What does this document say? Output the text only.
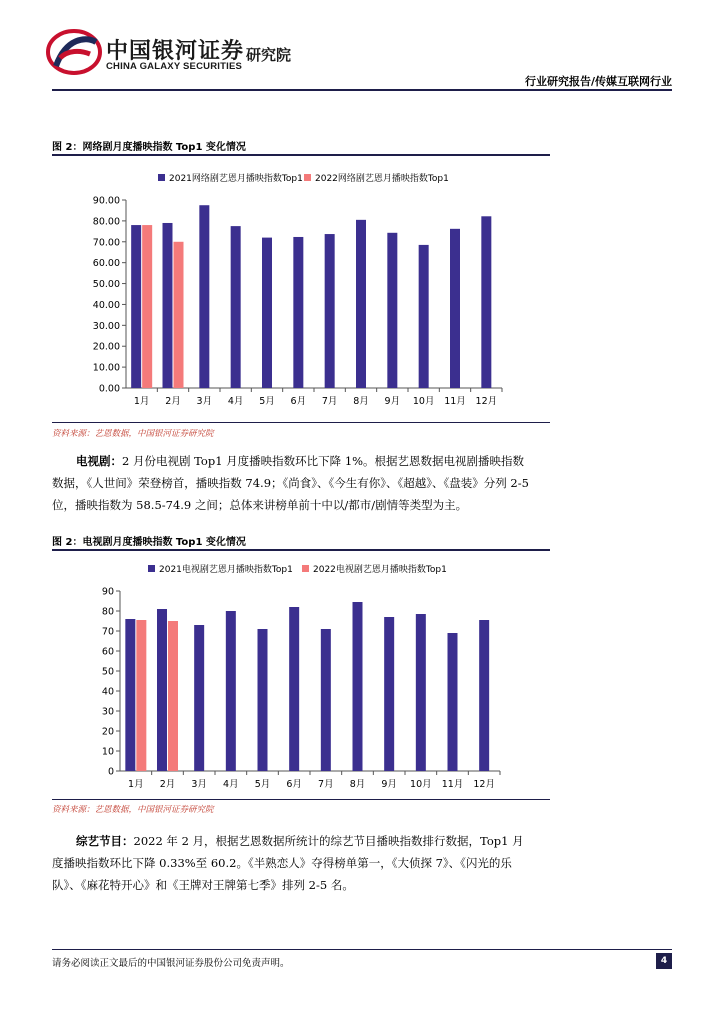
中国银河证券
CHINA GALAXY SECURITIES
研究院
行业研究报告/传媒互联网行业
图 2：网络剧月度播映指数 Top1 变化情况
2021网络剧艺恩月播映指数Top1 2022网络剧艺恩月播映指数Top1
0.00
10.00
20.00
30.00
40.00
50.00
60.00
70.00
80.00
90.00
1月 2月 3月 4月 5月 6月 7月 8月 9月 10月 11月 12月
资料来源：艺恩数据，中国银河证券研究院
电视剧：2 月份电视剧 Top1 月度播映指数环比下降 1%。根据艺恩数据电视剧播映指数数据，《人世间》荣登榜首，播映指数 74.9；《尚食》、《今生有你》、《超越》、《盘装》分列 2-5 位，播映指数为 58.5-74.9 之间；总体来讲榜单前十中以/都市/剧情等类型为主。
图 2：电视剧月度播映指数 Top1 变化情况
2021电视剧艺恩月播映指数Top1 2022电视剧艺恩月播映指数Top1
0
10
20
30
40
50
60
70
80
90
1月 2月 3月 4月 5月 6月 7月 8月 9月 10月 11月 12月
资料来源：艺恩数据，中国银河证券研究院
综艺节目：2022 年 2 月，根据艺恩数据所统计的综艺节目播映指数排行数据，Top1 月度播映指数环比下降 0.33%至 60.2。《半熟恋人》夺得榜单第一，《大侦探 7》、《闪光的乐队》、《麻花特开心》和《王牌对王牌第七季》排列 2-5 名。
请务必阅读正文最后的中国银河证券股份公司免责声明。	4
